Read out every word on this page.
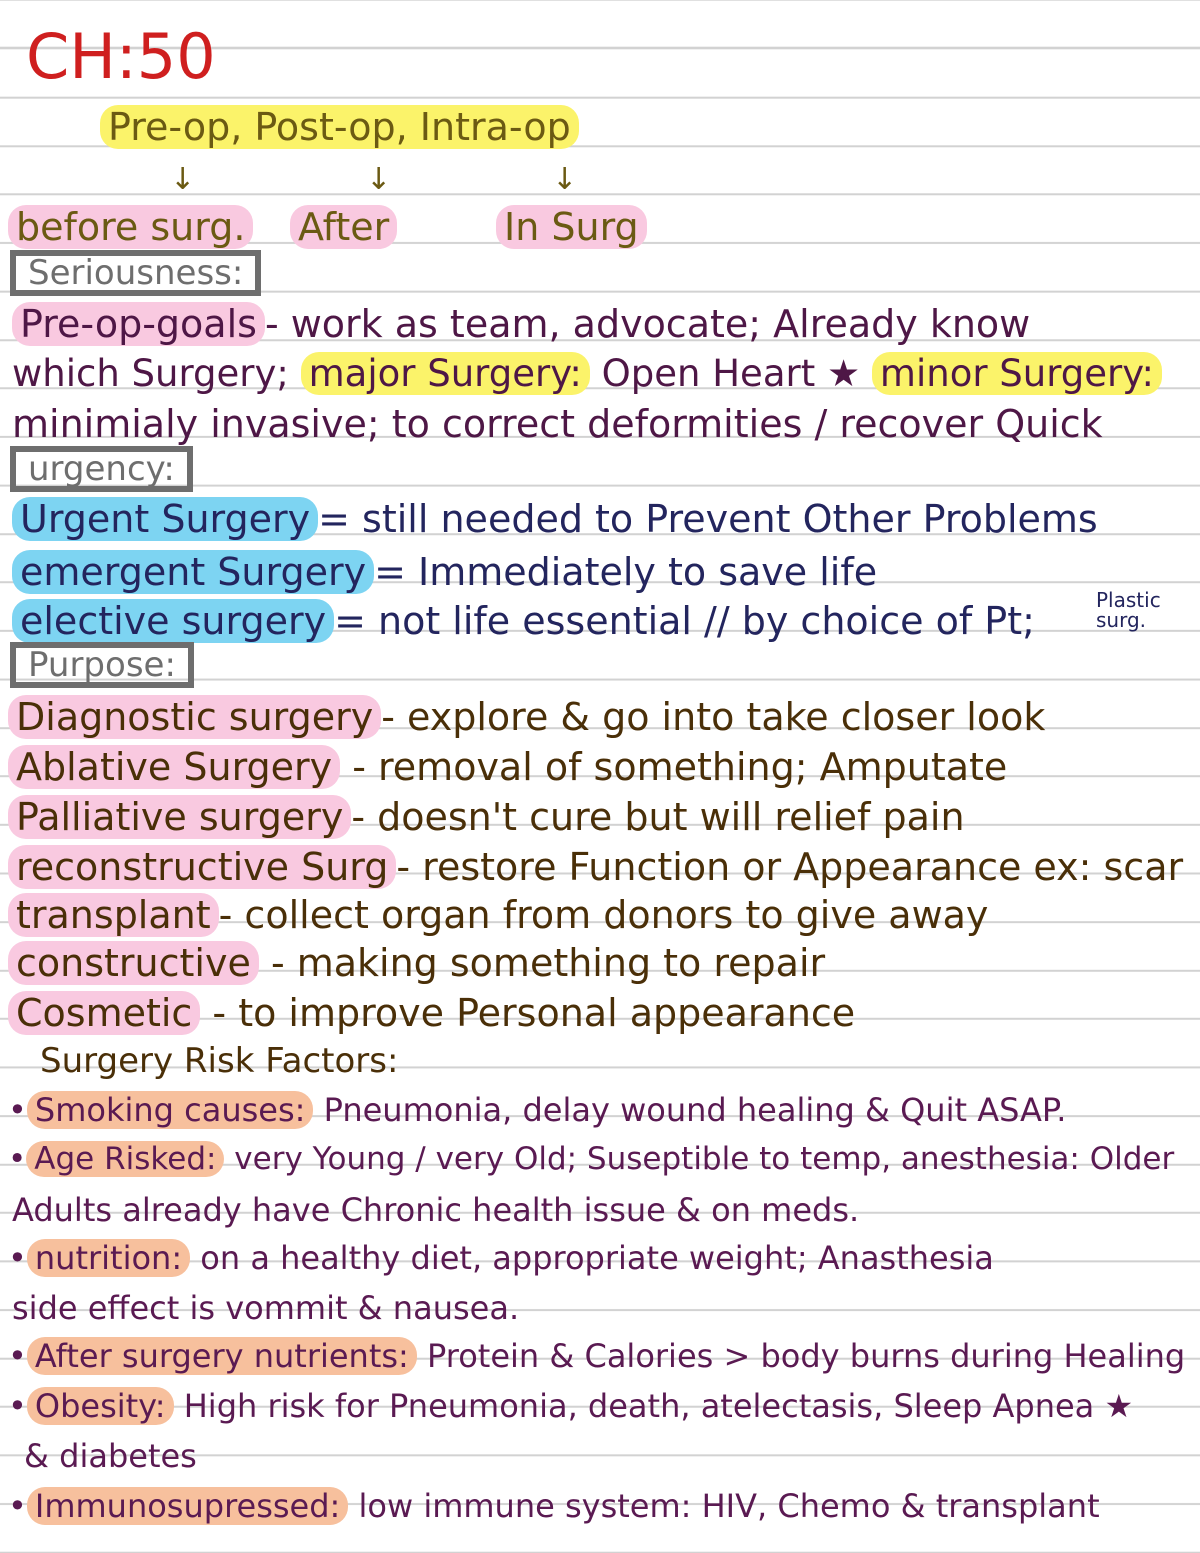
CH:50
Pre-op, Post-op, Intra-op
↓	↓	↓
before surg. After	In Surg
Seriousness:
Pre-op-goals - work as team, advocate; Already know
which Surgery; major Surgery: Open Heart ★ minor Surgery:
minimialy invasive; to correct deformities / recover Quick
urgency:
Urgent Surgery = still needed to Prevent Other Problems
emergent Surgery = Immediately to save life
elective surgery = not life essential // by choice of Pt;	Plastic
surg.
Purpose:
Diagnostic surgery - explore & go into take closer look
Ablative Surgery - removal of something; Amputate
Palliative surgery - doesn't cure but will relief pain
reconstructive Surg - restore Function or Appearance ex: scar
transplant - collect organ from donors to give away
constructive - making something to repair
Cosmetic - to improve Personal appearance
Surgery Risk Factors:
• Smoking causes: Pneumonia, delay wound healing & Quit ASAP.
• Age Risked: very Young / very Old; Suseptible to temp, anesthesia: Older
Adults already have Chronic health issue & on meds.
• nutrition: on a healthy diet, appropriate weight; Anasthesia
side effect is vommit & nausea.
• After surgery nutrients: Protein & Calories > body burns during Healing
• Obesity: High risk for Pneumonia, death, atelectasis, Sleep Apnea ★
& diabetes
• Immunosupressed: low immune system: HIV, Chemo & transplant
